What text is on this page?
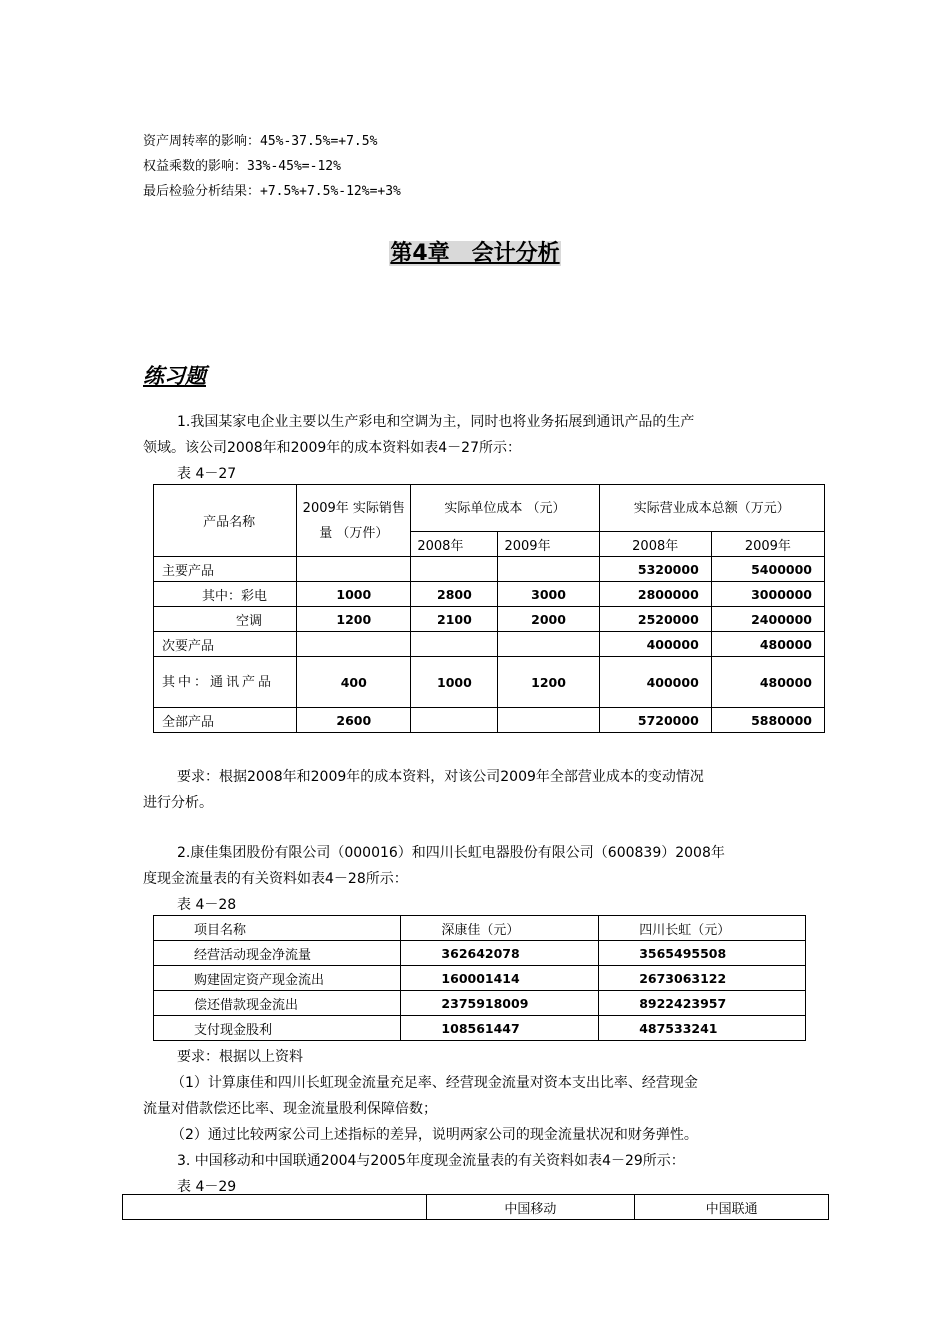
资产周转率的影响：45%-37.5%=+7.5%
权益乘数的影响：33%-45%=-12%
最后检验分析结果：+7.5%+7.5%-12%=+3%
第4章　会计分析
练习题
1.我国某家电企业主要以生产彩电和空调为主，同时也将业务拓展到通讯产品的生产
领域。该公司2008年和2009年的成本资料如表4－27所示：
表 4－27
产品名称	2009年 实际销售量 （万件）	实际单位成本 （元）		实际营业成本总额（万元）	
		2008年	2009年	2008年	2009年
主要产品				5320000	5400000
其中：彩电	1000	2800	3000	2800000	3000000
空调	1200	2100	2000	2520000	2400000
次要产品				400000	480000
其中：通讯产品	400	1000	1200	400000	480000
全部产品	2600			5720000	5880000
要求：根据2008年和2009年的成本资料，对该公司2009年全部营业成本的变动情况
进行分析。
2.康佳集团股份有限公司（000016）和四川长虹电器股份有限公司（600839）2008年
度现金流量表的有关资料如表4－28所示：
表 4－28
项目名称	深康佳（元）	四川长虹（元）
经营活动现金净流量	362642078	3565495508
购建固定资产现金流出	160001414	2673063122
偿还借款现金流出	2375918009	8922423957
支付现金股利	108561447	487533241
要求：根据以上资料
（1）计算康佳和四川长虹现金流量充足率、经营现金流量对资本支出比率、经营现金
流量对借款偿还比率、现金流量股利保障倍数；
（2）通过比较两家公司上述指标的差异，说明两家公司的现金流量状况和财务弹性。
3. 中国移动和中国联通2004与2005年度现金流量表的有关资料如表4－29所示：
表 4－29
	中国移动	中国联通
